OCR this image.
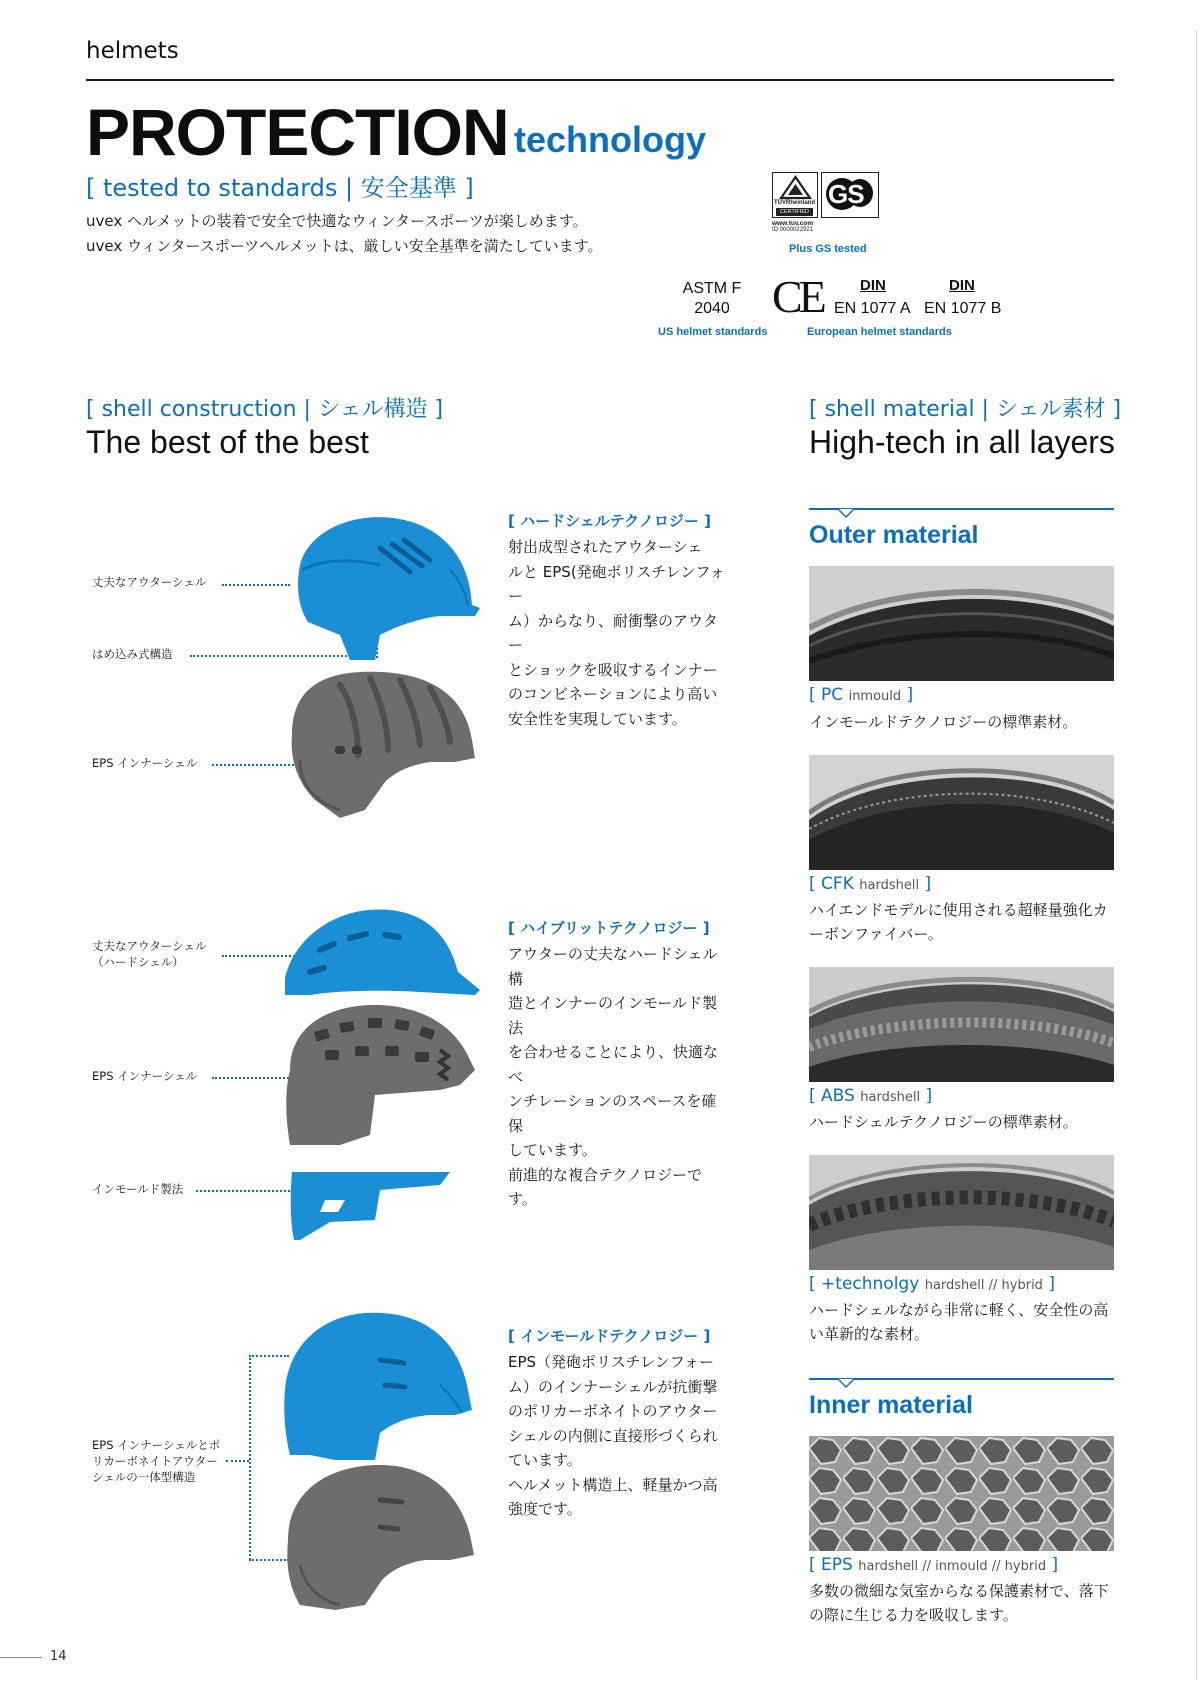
helmets
PROTECTION technology
[ tested to standards | 安全基準 ]
uvex ヘルメットの装着で安全で快適なウィンタースポーツが楽しめます。
uvex ウィンタースポーツヘルメットは、厳しい安全基準を満たしています。
TÜVRheinland
CERTIFIED
www.tuv.com
ID 0000022921
GS
Plus GS tested
ASTM F
2040
US helmet standards
CE DIN
EN 1077 A
DIN
EN 1077 B
European helmet standards
[ shell construction | シェル構造 ]
The best of the best
丈夫なアウターシェル
はめ込み式構造
EPS インナーシェル
[ ハードシェルテクノロジー ]
射出成型されたアウターシェ
ルと EPS(発砲ポリスチレンフォー
ム）からなり、耐衝撃のアウター
とショックを吸収するインナー
のコンビネーションにより高い
安全性を実現しています。
丈夫なアウターシェル
（ハードシェル）
EPS インナーシェル
インモールド製法
[ ハイブリットテクノロジー ]
アウターの丈夫なハードシェル構
造とインナーのインモールド製法
を合わせることにより、快適なべ
ンチレーションのスペースを確保
しています。
前進的な複合テクノロジーです。
EPS インナーシェルとポ
リカーボネイトアウター
シェルの一体型構造
[ インモールドテクノロジー ]
EPS（発砲ポリスチレンフォー
ム）のインナーシェルが抗衝撃
のポリカーボネイトのアウター
シェルの内側に直接形づくられ
ています。
ヘルメット構造上、軽量かつ高
強度です。
[ shell material | シェル素材 ]
High-tech in all layers
Outer material
[ PC inmould ]
インモールドテクノロジーの標準素材。
[ CFK hardshell ]
ハイエンドモデルに使用される超軽量強化カーボンファイバー。
[ ABS hardshell ]
ハードシェルテクノロジーの標準素材。
[ +technolgy hardshell // hybrid ]
ハードシェルながら非常に軽く、安全性の高い革新的な素材。
Inner material
[ EPS hardshell // inmould // hybrid ]
多数の微細な気室からなる保護素材で、落下の際に生じる力を吸収します。
14
